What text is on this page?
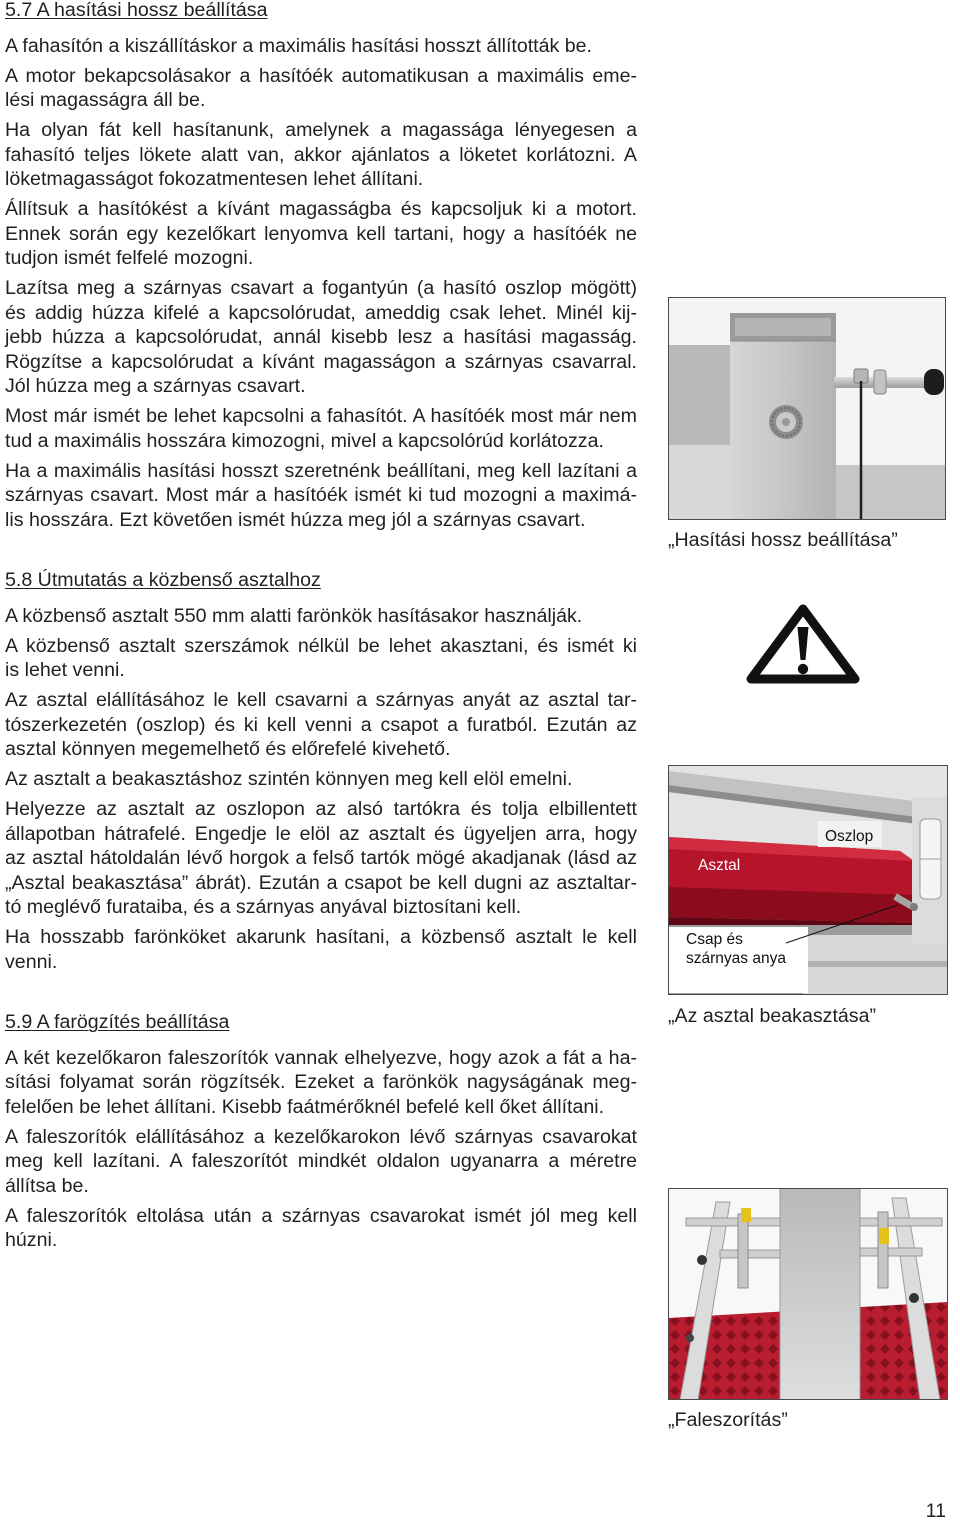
5.7 A hasítási hossz beállítása

A fahasítón a kiszállításkor a maximális hasítási hosszt állították be.

A motor bekapcsolásakor a hasítóék automatikusan a maximális eme-
lési magasságra áll be.

Ha olyan fát kell hasítanunk, amelynek a magassága lényegesen a
fahasító teljes lökete alatt van, akkor ajánlatos a löketet korlátozni. A
löketmagasságot fokozatmentesen lehet állítani.

Állítsuk a hasítókést a kívánt magasságba és kapcsoljuk ki a motort.
Ennek során egy kezelőkart lenyomva kell tartani, hogy a hasítóék ne
tudjon ismét felfelé mozogni.

Lazítsa meg a szárnyas csavart a fogantyún (a hasító oszlop mögött)
és addig húzza kifelé a kapcsolórudat, ameddig csak lehet. Minél kij-
jebb húzza a kapcsolórudat, annál kisebb lesz a hasítási magasság.
Rögzítse a kapcsolórudat a kívánt magasságon a szárnyas csavarral.
Jól húzza meg a szárnyas csavart.

Most már ismét be lehet kapcsolni a fahasítót. A hasítóék most már nem
tud a maximális hosszára kimozogni, mivel a kapcsolórúd korlátozza.

Ha a maximális hasítási hosszt szeretnénk beállítani, meg kell lazítani a
szárnyas csavart. Most már a hasítóék ismét ki tud mozogni a maximá-
lis hosszára. Ezt követően ismét húzza meg jól a szárnyas csavart.

5.8 Útmutatás a közbenső asztalhoz

A közbenső asztalt 550 mm alatti farönkök hasításakor használják.

A közbenső asztalt szerszámok nélkül be lehet akasztani, és ismét ki
is lehet venni.

Az asztal elállításához le kell csavarni a szárnyas anyát az asztal tar-
tószerkezetén (oszlop) és ki kell venni a csapot a furatból. Ezután az
asztal könnyen megemelhető és előrefelé kivehető.

Az asztalt a beakasztáshoz szintén könnyen meg kell elöl emelni.

Helyezze az asztalt az oszlopon az alsó tartókra és tolja elbillentett
állapotban hátrafelé. Engedje le elöl az asztalt és ügyeljen arra, hogy
az asztal hátoldalán lévő horgok a felső tartók mögé akadjanak (lásd az
„Asztal beakasztása” ábrát). Ezután a csapot be kell dugni az asztaltar-
tó meglévő furataiba, és a szárnyas anyával biztosítani kell.

Ha hosszabb farönköket akarunk hasítani, a közbenső asztalt le kell
venni.

5.9 A farögzítés beállítása

A két kezelőkaron faleszorítók vannak elhelyezve, hogy azok a fát a ha-
sítási folyamat során rögzítsék. Ezeket a farönkök nagyságának meg-
felelően be lehet állítani. Kisebb faátmérőknél befelé kell őket állítani.

A faleszorítók elállításához a kezelőkarokon lévő szárnyas csavarokat
meg kell lazítani. A faleszorítót mindkét oldalon ugyanarra a méretre
állítsa be.

A faleszorítók eltolása után a szárnyas csavarokat ismét jól meg kell
húzni.

„Hasítási hossz beállítása”
Asztal
Oszlop
Csap és
szárnyas anya
„Az asztal beakasztása”
„Faleszorítás”
11
